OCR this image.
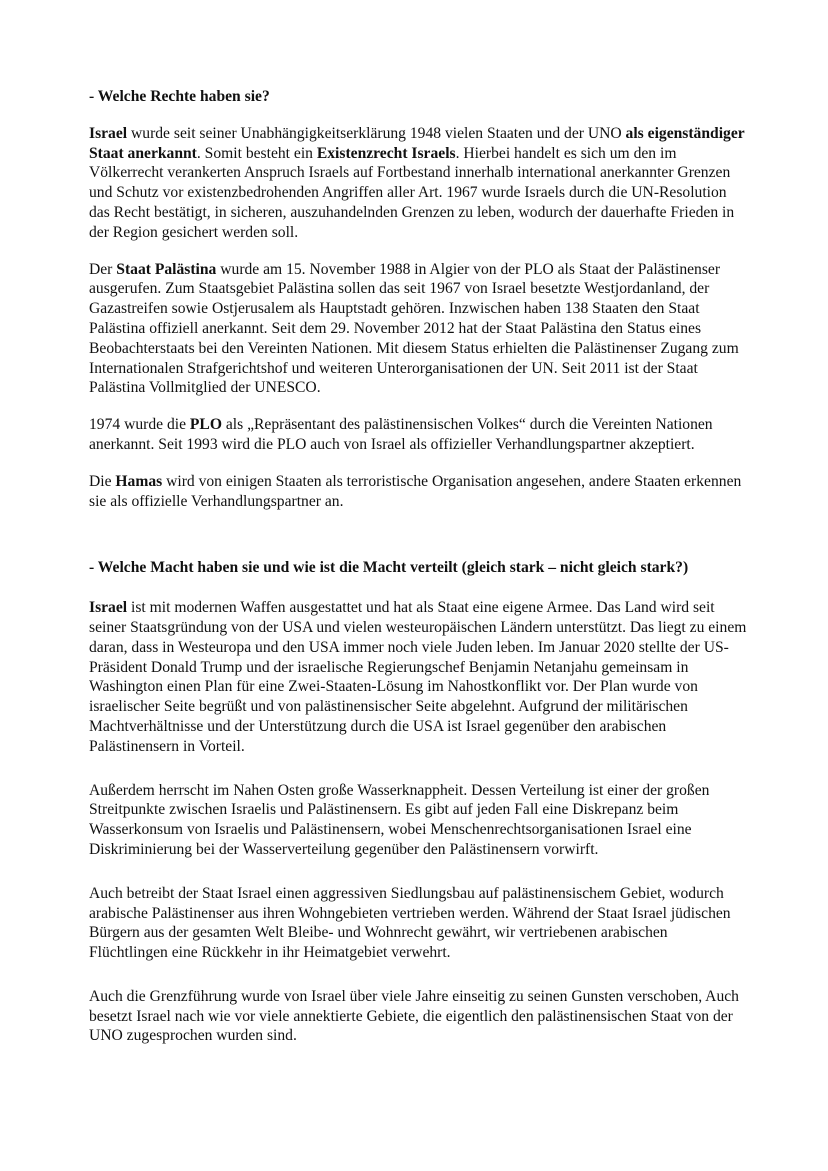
- Welche Rechte haben sie?

Israel wurde seit seiner Unabhängigkeitserklärung 1948 vielen Staaten und der UNO als eigenständiger Staat anerkannt. Somit besteht ein Existenzrecht Israels. Hierbei handelt es sich um den im Völkerrecht verankerten Anspruch Israels auf Fortbestand innerhalb international anerkannter Grenzen und Schutz vor existenzbedrohenden Angriffen aller Art. 1967 wurde Israels durch die UN-Resolution das Recht bestätigt, in sicheren, auszuhandelnden Grenzen zu leben, wodurch der dauerhafte Frieden in der Region gesichert werden soll.

Der Staat Palästina wurde am 15. November 1988 in Algier von der PLO als Staat der Palästinenser ausgerufen. Zum Staatsgebiet Palästina sollen das seit 1967 von Israel besetzte Westjordanland, der Gazastreifen sowie Ostjerusalem als Hauptstadt gehören. Inzwischen haben 138 Staaten den Staat Palästina offiziell anerkannt. Seit dem 29. November 2012 hat der Staat Palästina den Status eines Beobachterstaats bei den Vereinten Nationen. Mit diesem Status erhielten die Palästinenser Zugang zum Internationalen Strafgerichtshof und weiteren Unterorganisationen der UN. Seit 2011 ist der Staat Palästina Vollmitglied der UNESCO.

1974 wurde die PLO als „Repräsentant des palästinensischen Volkes“ durch die Vereinten Nationen anerkannt. Seit 1993 wird die PLO auch von Israel als offizieller Verhandlungspartner akzeptiert.

Die Hamas wird von einigen Staaten als terroristische Organisation angesehen, andere Staaten erkennen sie als offizielle Verhandlungspartner an.

- Welche Macht haben sie und wie ist die Macht verteilt (gleich stark – nicht gleich stark?)

Israel ist mit modernen Waffen ausgestattet und hat als Staat eine eigene Armee. Das Land wird seit seiner Staatsgründung von der USA und vielen westeuropäischen Ländern unterstützt. Das liegt zu einem daran, dass in Westeuropa und den USA immer noch viele Juden leben. Im Januar 2020 stellte der US-Präsident Donald Trump und der israelische Regierungschef Benjamin Netanjahu gemeinsam in Washington einen Plan für eine Zwei-Staaten-Lösung im Nahostkonflikt vor. Der Plan wurde von israelischer Seite begrüßt und von palästinensischer Seite abgelehnt. Aufgrund der militärischen Machtverhältnisse und der Unterstützung durch die USA ist Israel gegenüber den arabischen Palästinensern in Vorteil.

Außerdem herrscht im Nahen Osten große Wasserknappheit. Dessen Verteilung ist einer der großen Streitpunkte zwischen Israelis und Palästinensern. Es gibt auf jeden Fall eine Diskrepanz beim Wasserkonsum von Israelis und Palästinensern, wobei Menschenrechtsorganisationen Israel eine Diskriminierung bei der Wasserverteilung gegenüber den Palästinensern vorwirft.

Auch betreibt der Staat Israel einen aggressiven Siedlungsbau auf palästinensischem Gebiet, wodurch arabische Palästinenser aus ihren Wohngebieten vertrieben werden. Während der Staat Israel jüdischen Bürgern aus der gesamten Welt Bleibe- und Wohnrecht gewährt, wir vertriebenen arabischen Flüchtlingen eine Rückkehr in ihr Heimatgebiet verwehrt.

Auch die Grenzführung wurde von Israel über viele Jahre einseitig zu seinen Gunsten verschoben, Auch besetzt Israel nach wie vor viele annektierte Gebiete, die eigentlich den palästinensischen Staat von der UNO zugesprochen wurden sind.
